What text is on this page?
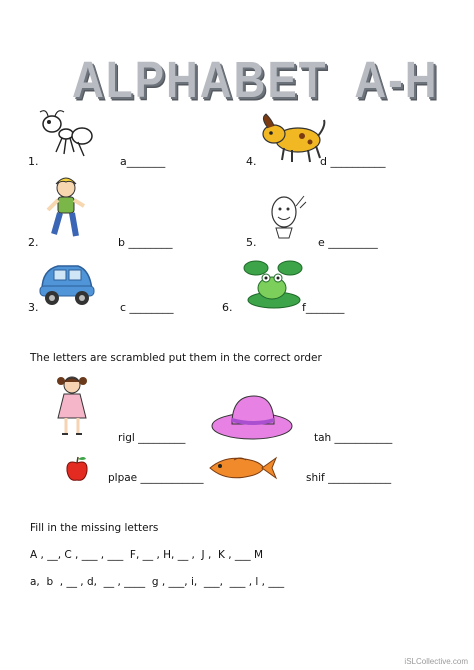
ALPHABET  A-H
1.	a_______	4.	d __________
2.	b ________	5.	e _________
3.	c ________	6.	f_______
The letters are scrambled put them in the correct order
rigl _________	tah ___________
plpae ____________	shif ____________
Fill in the missing letters
A , __, C , ___ , ___  F, __ , H, __ ,  J ,  K , ___ M
a,  b  , __ , d,  __ , ____  g , ___, i,  ___,  ___ , l , ___
iSLCollective.com
